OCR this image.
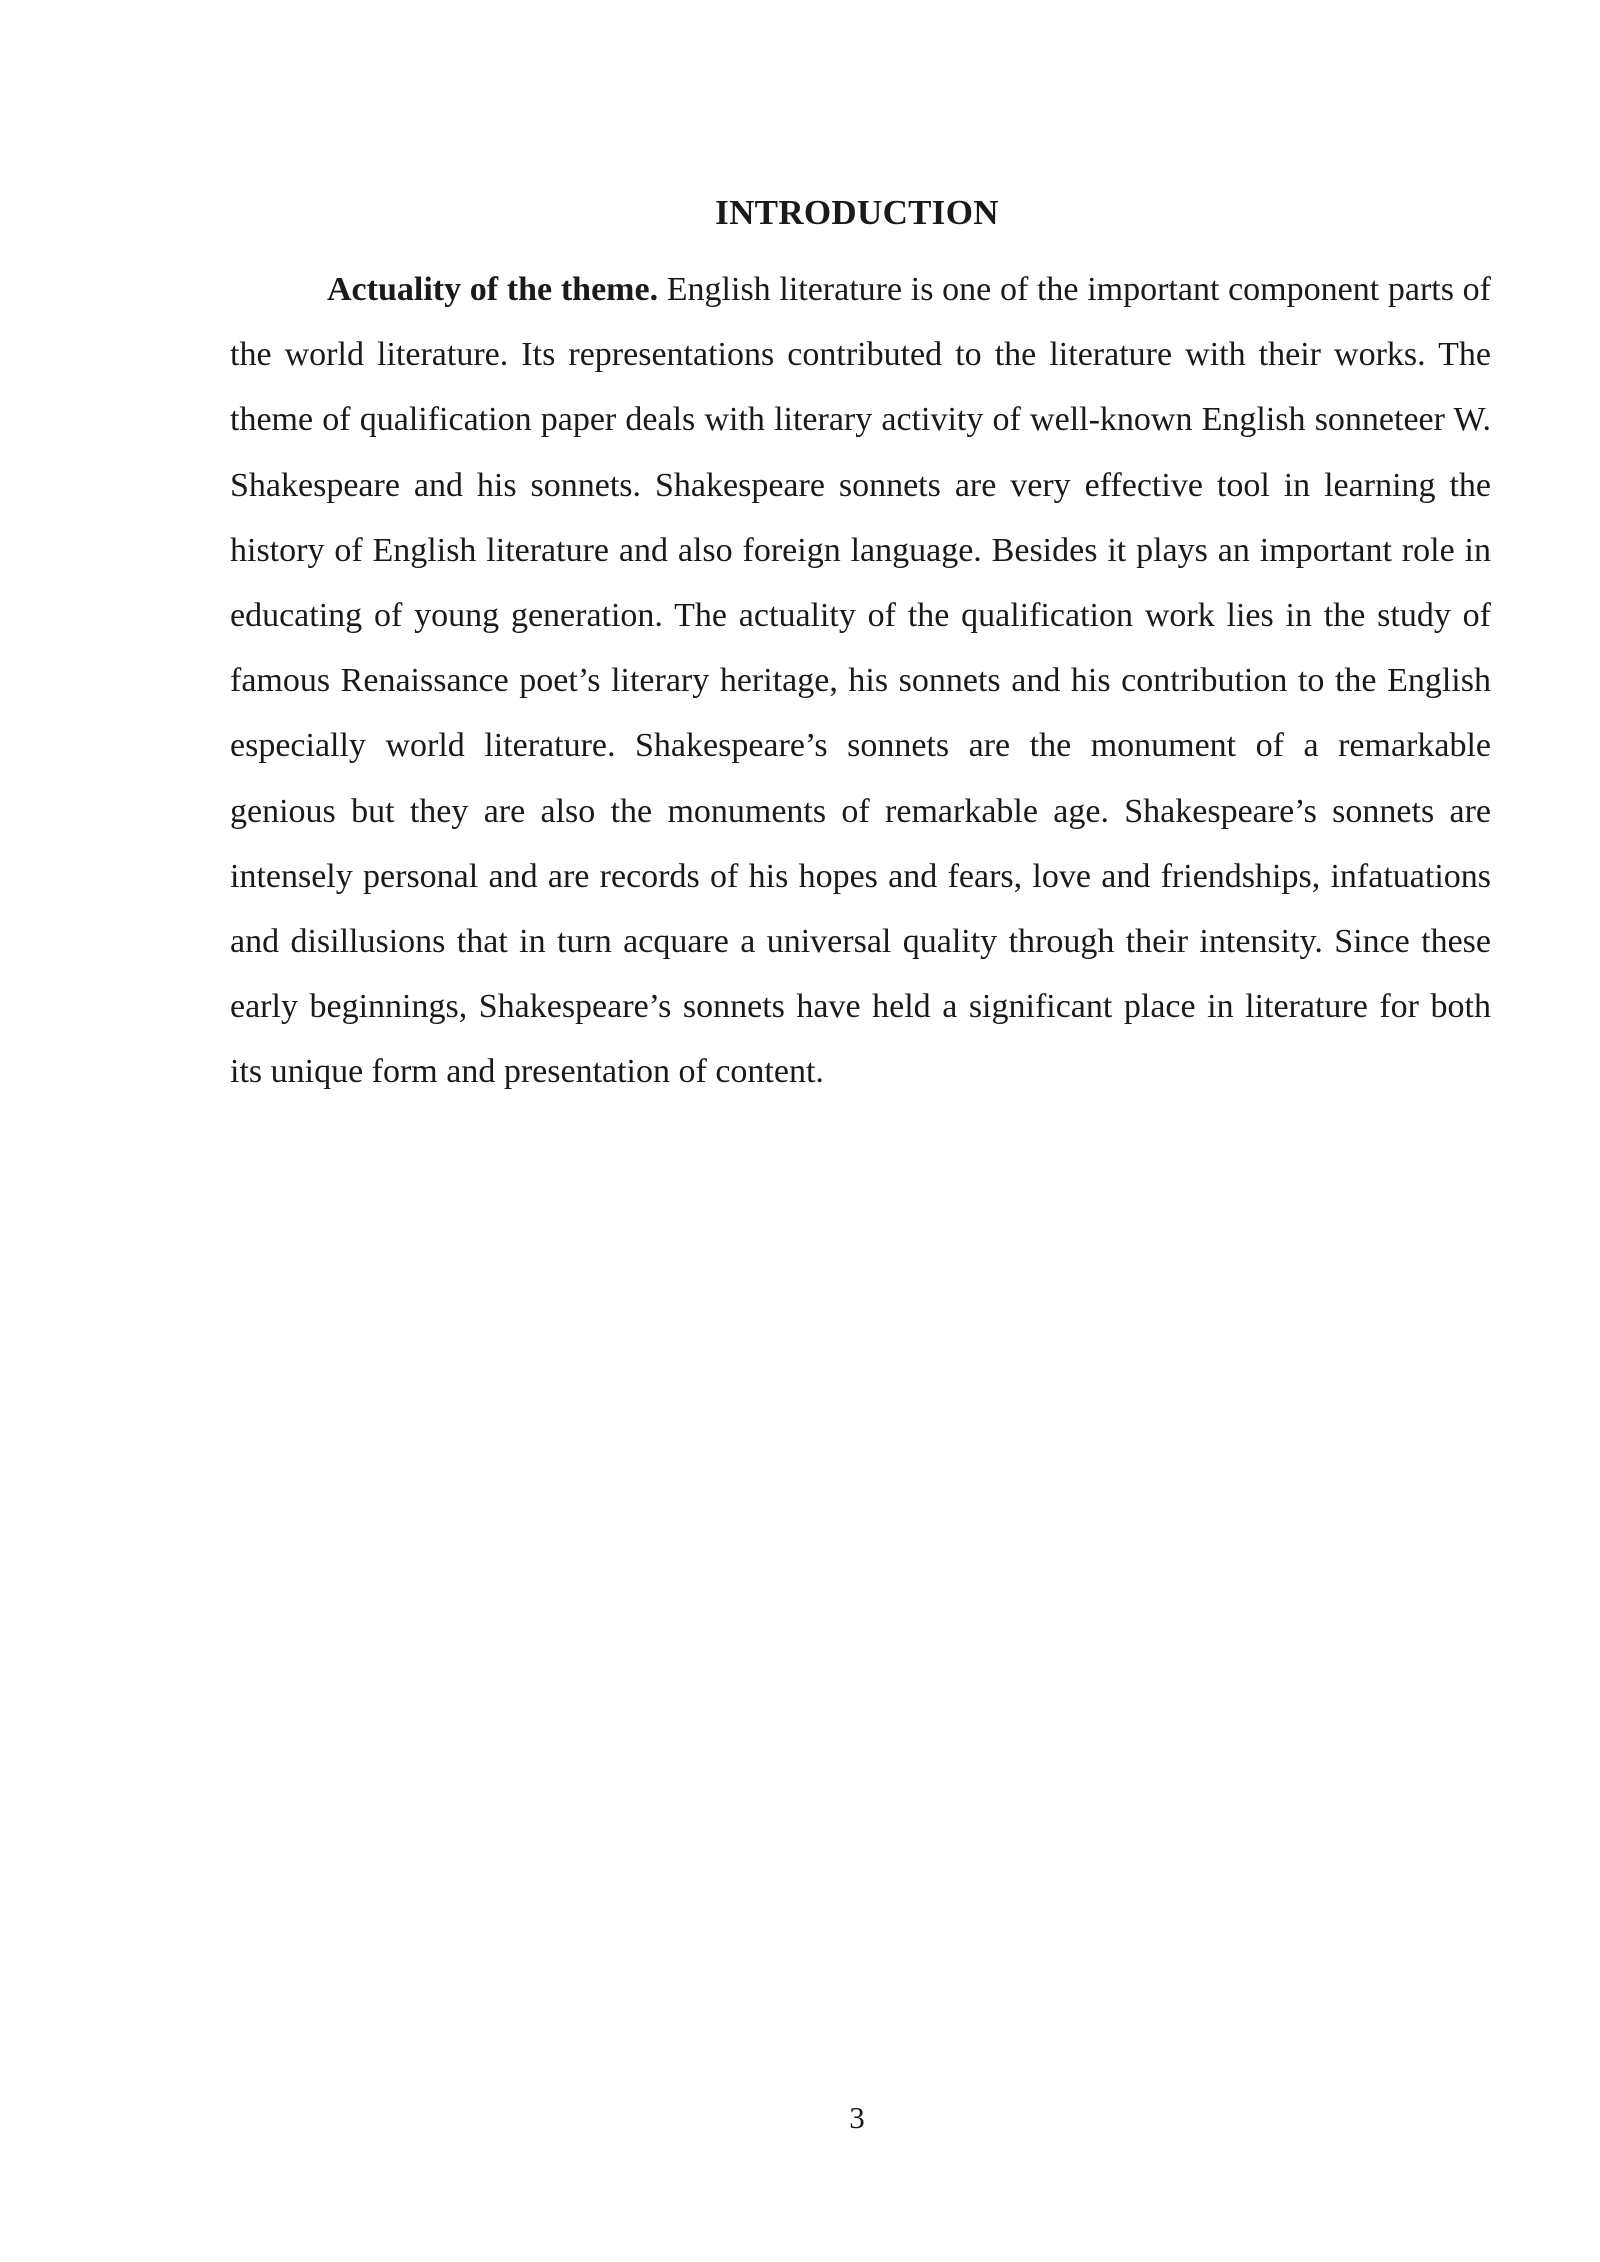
INTRODUCTION

Actuality of the theme. English literature is one of the important component parts of the world literature. Its representations contributed to the literature with their works. The theme of qualification paper deals with literary activity of well-known English sonneteer W. Shakespeare and his sonnets. Shakespeare sonnets are very effective tool in learning the history of English literature and also foreign language. Besides it plays an important role in educating of young generation. The actuality of the qualification work lies in the study of famous Renaissance poet’s literary heritage, his sonnets and his contribution to the English especially world literature. Shakespeare’s sonnets are the monument of a remarkable genious but they are also the monuments of remarkable age. Shakespeare’s sonnets are intensely personal and are records of his hopes and fears, love and friendships, infatuations and disillusions that in turn acquare a universal quality through their intensity. Since these early beginnings, Shakespeare’s sonnets have held a significant place in literature for both its unique form and presentation of content.

3
